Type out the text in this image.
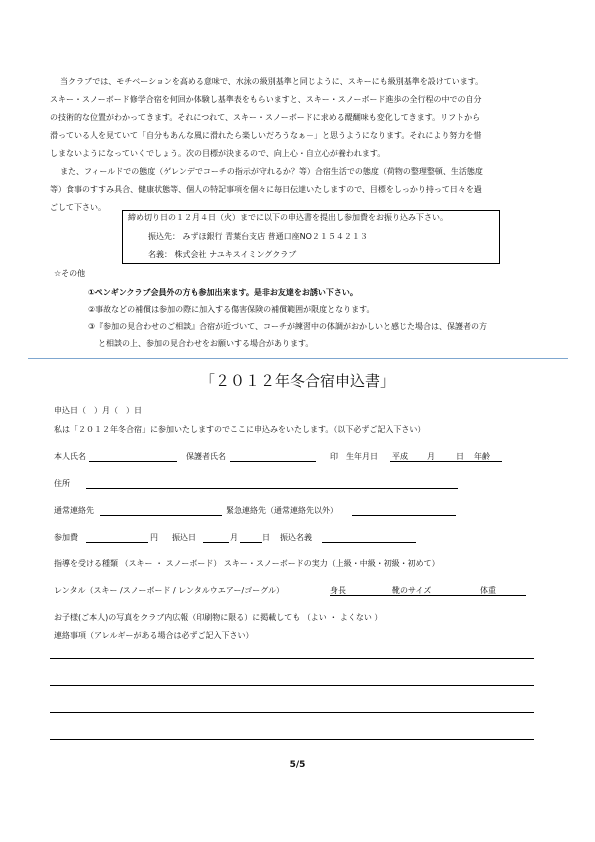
当クラブでは、モチベーションを高める意味で、水泳の級別基準と同じように、スキーにも級別基準を設けています。
スキー・スノーボード修学合宿を何回か体験し基準表をもらいますと、スキー・スノーボード進歩の全行程の中での自分
の技術的な位置がわかってきます。それにつれて、スキー・スノーボードに求める醍醐味も変化してきます。リフトから
滑っている人を見ていて「自分もあんな風に滑れたら楽しいだろうなぁ－」と思うようになります。それにより努力を惜
しまないようになっていくでしょう。次の目標が決まるので、向上心・自立心が養われます。
また、フィールドでの態度（ゲレンデでコーチの指示が守れるか？等）合宿生活での態度（荷物の整理整頓、生活態度
等）食事のすすみ具合、健康状態等、個人の特記事項を個々に毎日伝達いたしますので、目標をしっかり持って日々を過
ごして下さい。
締め切り日の１２月４日（火）までに以下の申込書を提出し参加費をお振り込み下さい。
振込先： みずほ銀行 青葉台支店 普通口座NO２１５４２１３
名義： 株式会社 ナユキスイミングクラブ
☆その他
①ペンギンクラブ会員外の方も参加出来ます。是非お友達をお誘い下さい。
②事故などの補償は参加の際に加入する傷害保険の補償範囲が限度となります。
③『参加の見合わせのご相談』合宿が近づいて、コーチが練習中の体調がおかしいと感じた場合は、保護者の方
と相談の上、参加の見合わせをお願いする場合があります。
「２０１２年冬合宿申込書」
申込日（　）月（　）日
私は「２０１２年冬合宿」に参加いたしますのでここに申込みをいたします。（以下必ずご記入下さい）
本人氏名	保護者氏名	印 生年月日 平成 月	日 年齢
住所
通常連絡先	緊急連絡先（通常連絡先以外）
参加費	円 振込日	月	日 振込名義
指導を受ける種類 （スキー ・ スノーボード） スキー・スノーボードの実力（上級・中級・初級・初めて）
レンタル（スキー /スノーボード / レンタルウエアー/ゴーグル）	身長	靴のサイズ	体重
お子様(ご本人)の写真をクラブ内広報（印刷物に限る）に掲載しても （よい ・ よくない ）
連絡事項（アレルギーがある場合は必ずご記入下さい）
5/5
